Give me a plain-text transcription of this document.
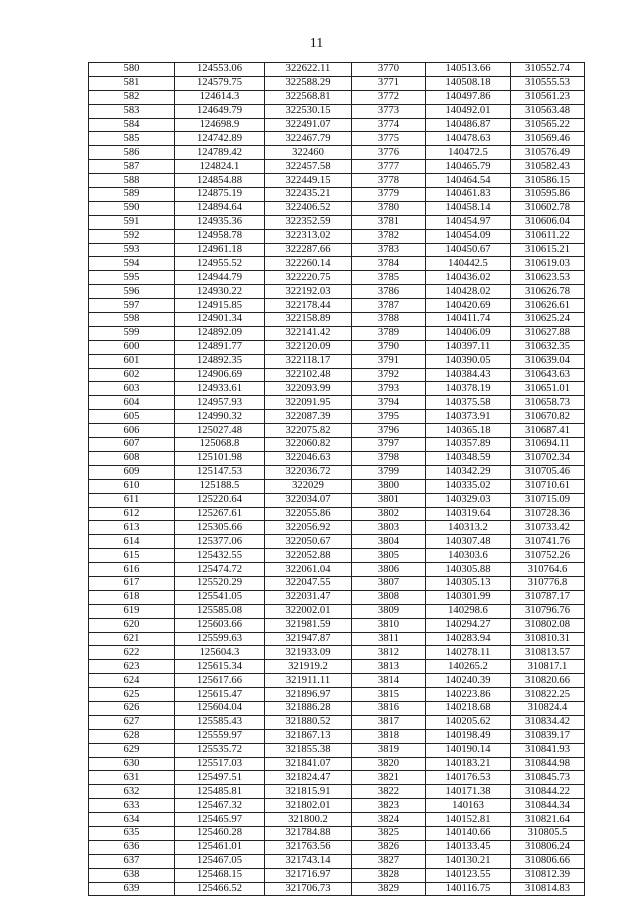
11
580	124553.06	322622.11	3770	140513.66	310552.74
581	124579.75	322588.29	3771	140508.18	310555.53
582	124614.3	322568.81	3772	140497.86	310561.23
583	124649.79	322530.15	3773	140492.01	310563.48
584	124698.9	322491.07	3774	140486.87	310565.22
585	124742.89	322467.79	3775	140478.63	310569.46
586	124789.42	322460	3776	140472.5	310576.49
587	124824.1	322457.58	3777	140465.79	310582.43
588	124854.88	322449.15	3778	140464.54	310586.15
589	124875.19	322435.21	3779	140461.83	310595.86
590	124894.64	322406.52	3780	140458.14	310602.78
591	124935.36	322352.59	3781	140454.97	310606.04
592	124958.78	322313.02	3782	140454.09	310611.22
593	124961.18	322287.66	3783	140450.67	310615.21
594	124955.52	322260.14	3784	140442.5	310619.03
595	124944.79	322220.75	3785	140436.02	310623.53
596	124930.22	322192.03	3786	140428.02	310626.78
597	124915.85	322178.44	3787	140420.69	310626.61
598	124901.34	322158.89	3788	140411.74	310625.24
599	124892.09	322141.42	3789	140406.09	310627.88
600	124891.77	322120.09	3790	140397.11	310632.35
601	124892.35	322118.17	3791	140390.05	310639.04
602	124906.69	322102.48	3792	140384.43	310643.63
603	124933.61	322093.99	3793	140378.19	310651.01
604	124957.93	322091.95	3794	140375.58	310658.73
605	124990.32	322087.39	3795	140373.91	310670.82
606	125027.48	322075.82	3796	140365.18	310687.41
607	125068.8	322060.82	3797	140357.89	310694.11
608	125101.98	322046.63	3798	140348.59	310702.34
609	125147.53	322036.72	3799	140342.29	310705.46
610	125188.5	322029	3800	140335.02	310710.61
611	125220.64	322034.07	3801	140329.03	310715.09
612	125267.61	322055.86	3802	140319.64	310728.36
613	125305.66	322056.92	3803	140313.2	310733.42
614	125377.06	322050.67	3804	140307.48	310741.76
615	125432.55	322052.88	3805	140303.6	310752.26
616	125474.72	322061.04	3806	140305.88	310764.6
617	125520.29	322047.55	3807	140305.13	310776.8
618	125541.05	322031.47	3808	140301.99	310787.17
619	125585.08	322002.01	3809	140298.6	310796.76
620	125603.66	321981.59	3810	140294.27	310802.08
621	125599.63	321947.87	3811	140283.94	310810.31
622	125604.3	321933.09	3812	140278.11	310813.57
623	125615.34	321919.2	3813	140265.2	310817.1
624	125617.66	321911.11	3814	140240.39	310820.66
625	125615.47	321896.97	3815	140223.86	310822.25
626	125604.04	321886.28	3816	140218.68	310824.4
627	125585.43	321880.52	3817	140205.62	310834.42
628	125559.97	321867.13	3818	140198.49	310839.17
629	125535.72	321855.38	3819	140190.14	310841.93
630	125517.03	321841.07	3820	140183.21	310844.98
631	125497.51	321824.47	3821	140176.53	310845.73
632	125485.81	321815.91	3822	140171.38	310844.22
633	125467.32	321802.01	3823	140163	310844.34
634	125465.97	321800.2	3824	140152.81	310821.64
635	125460.28	321784.88	3825	140140.66	310805.5
636	125461.01	321763.56	3826	140133.45	310806.24
637	125467.05	321743.14	3827	140130.21	310806.66
638	125468.15	321716.97	3828	140123.55	310812.39
639	125466.52	321706.73	3829	140116.75	310814.83
